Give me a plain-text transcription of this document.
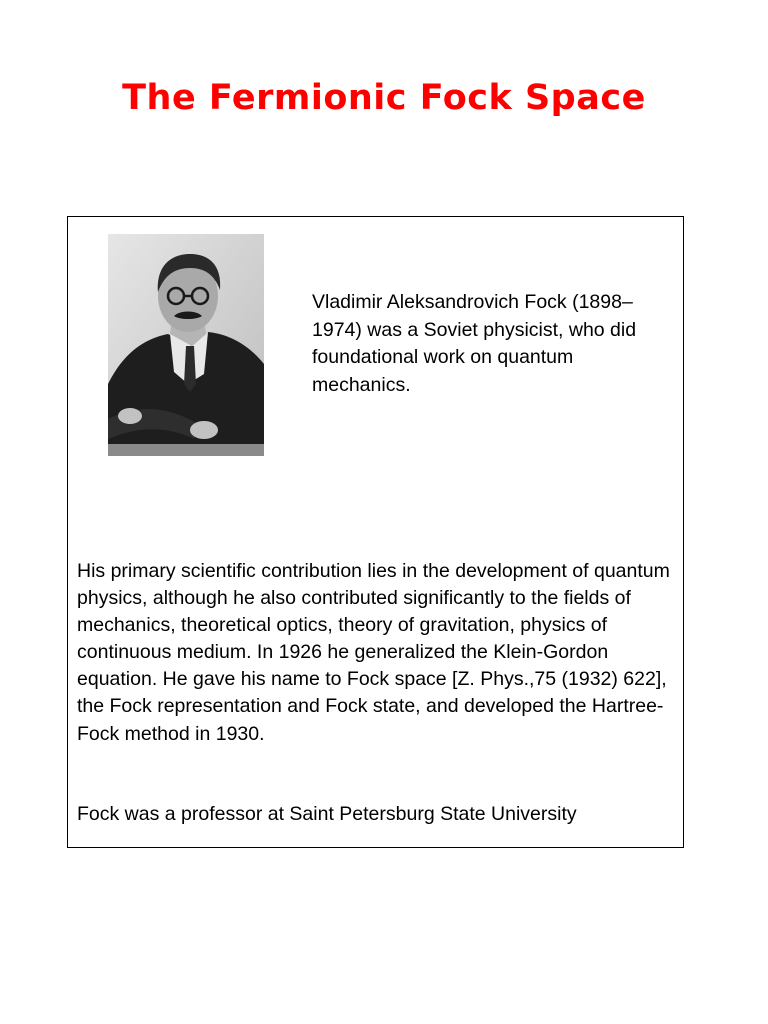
The Fermionic Fock Space

Vladimir Aleksandrovich Fock (1898–1974) was a Soviet physicist, who did foundational work on quantum mechanics.

His primary scientific contribution lies in the development of quantum physics, although he also contributed significantly to the fields of mechanics, theoretical optics, theory of gravitation, physics of continuous medium. In 1926 he generalized the Klein-Gordon equation. He gave his name to Fock space [Z. Phys.,75 (1932) 622], the Fock representation and Fock state, and developed the Hartree-Fock method in 1930.

Fock was a professor at Saint Petersburg State University
